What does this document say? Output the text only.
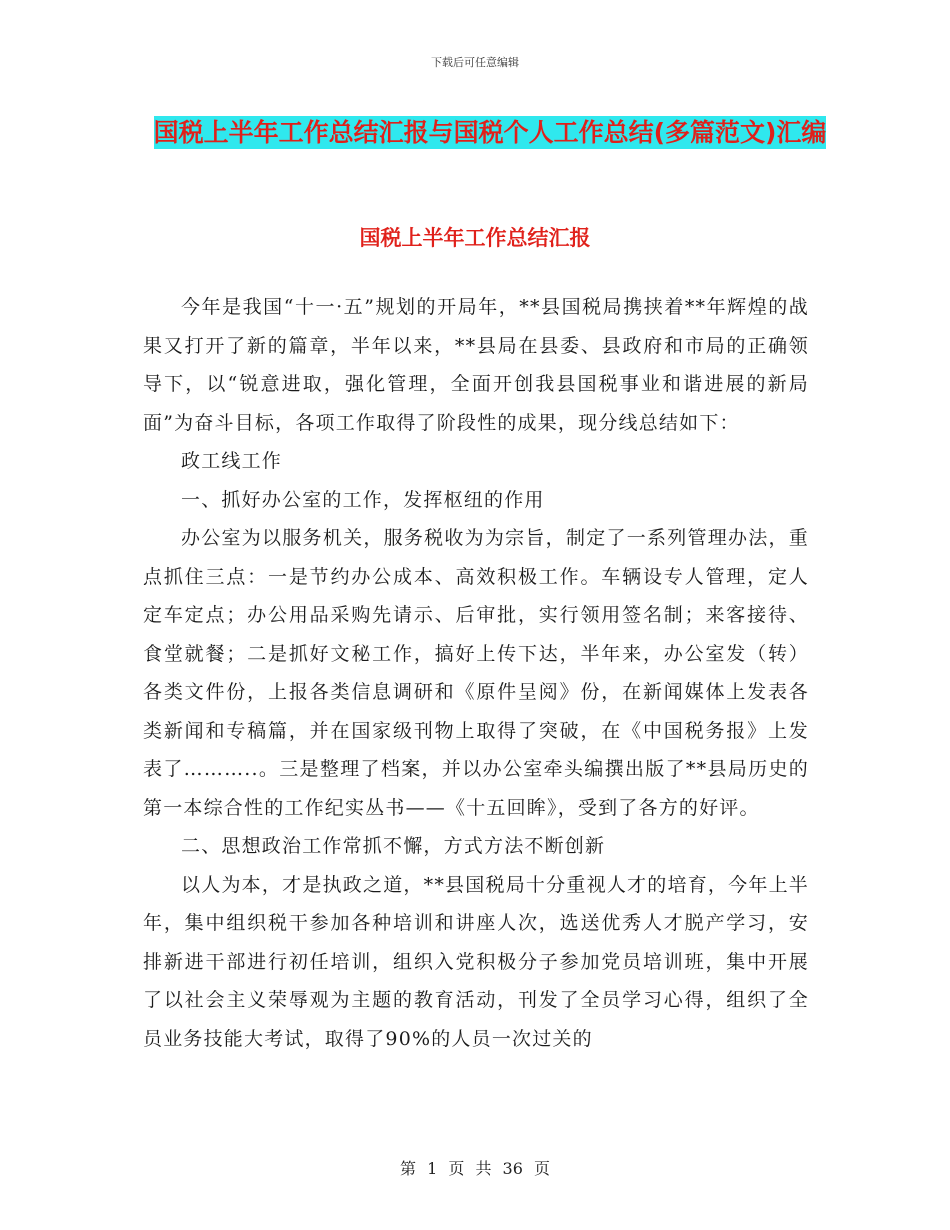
下载后可任意编辑
国税上半年工作总结汇报与国税个人工作总结(多篇范文)汇编
国税上半年工作总结汇报

今年是我国“十一·五”规划的开局年，**县国税局携挟着**年辉煌的战果又打开了新的篇章，半年以来，**县局在县委、县政府和市局的正确领导下，以“锐意进取，强化管理，全面开创我县国税事业和谐进展的新局面”为奋斗目标，各项工作取得了阶段性的成果，现分线总结如下：

政工线工作

一、抓好办公室的工作，发挥枢纽的作用

办公室为以服务机关，服务税收为为宗旨，制定了一系列管理办法，重点抓住三点：一是节约办公成本、高效积极工作。车辆设专人管理，定人定车定点；办公用品采购先请示、后审批，实行领用签名制；来客接待、食堂就餐；二是抓好文秘工作，搞好上传下达，半年来，办公室发（转）各类文件份，上报各类信息调研和《原件呈阅》份，在新闻媒体上发表各类新闻和专稿篇，并在国家级刊物上取得了突破，在《中国税务报》上发表了………..。三是整理了档案，并以办公室牵头编撰出版了**县局历史的第一本综合性的工作纪实丛书——《十五回眸》，受到了各方的好评。

二、思想政治工作常抓不懈，方式方法不断创新

以人为本，才是执政之道，**县国税局十分重视人才的培育，今年上半年，集中组织税干参加各种培训和讲座人次，选送优秀人才脱产学习，安排新进干部进行初任培训，组织入党积极分子参加党员培训班，集中开展了以社会主义荣辱观为主题的教育活动，刊发了全员学习心得，组织了全员业务技能大考试，取得了90%的人员一次过关的

第 1 页 共 36 页
